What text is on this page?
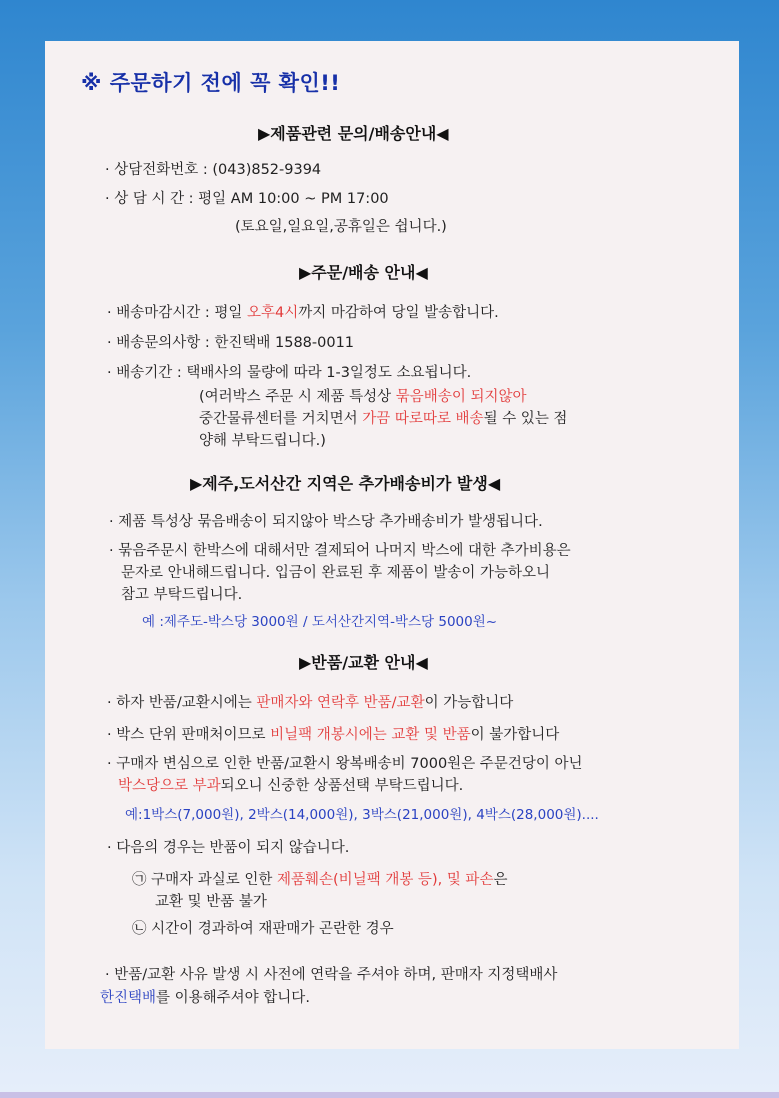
※ 주문하기 전에 꼭 확인!!
▶제품관련 문의/배송안내◀
· 상담전화번호 : (043)852-9394
· 상 담 시 간 : 평일 AM 10:00 ~ PM 17:00
(토요일,일요일,공휴일은 쉽니다.)
▶주문/배송 안내◀
· 배송마감시간 : 평일 오후4시까지 마감하여 당일 발송합니다.
· 배송문의사항 : 한진택배 1588-0011
· 배송기간 : 택배사의 물량에 따라 1-3일정도 소요됩니다.
(여러박스 주문 시 제품 특성상 묶음배송이 되지않아
중간물류센터를 거치면서 가끔 따로따로 배송될 수 있는 점
양해 부탁드립니다.)
▶제주,도서산간 지역은 추가배송비가 발생◀
· 제품 특성상 묶음배송이 되지않아 박스당 추가배송비가 발생됩니다.
· 묶음주문시 한박스에 대해서만 결제되어 나머지 박스에 대한 추가비용은
문자로 안내해드립니다. 입금이 완료된 후 제품이 발송이 가능하오니
참고 부탁드립니다.
예 :제주도-박스당 3000원 / 도서산간지역-박스당 5000원~
▶반품/교환 안내◀
· 하자 반품/교환시에는 판매자와 연락후 반품/교환이 가능합니다
· 박스 단위 판매처이므로 비닐팩 개봉시에는 교환 및 반품이 불가합니다
· 구매자 변심으로 인한 반품/교환시 왕복배송비 7000원은 주문건당이 아닌
박스당으로 부과되오니 신중한 상품선택 부탁드립니다.
예:1박스(7,000원), 2박스(14,000원), 3박스(21,000원), 4박스(28,000원)....
· 다음의 경우는 반품이 되지 않습니다.
㉠ 구매자 과실로 인한 제품훼손(비닐팩 개봉 등), 및 파손은
교환 및 반품 불가
㉡ 시간이 경과하여 재판매가 곤란한 경우
· 반품/교환 사유 발생 시 사전에 연락을 주셔야 하며, 판매자 지정택배사
한진택배를 이용해주셔야 합니다.
